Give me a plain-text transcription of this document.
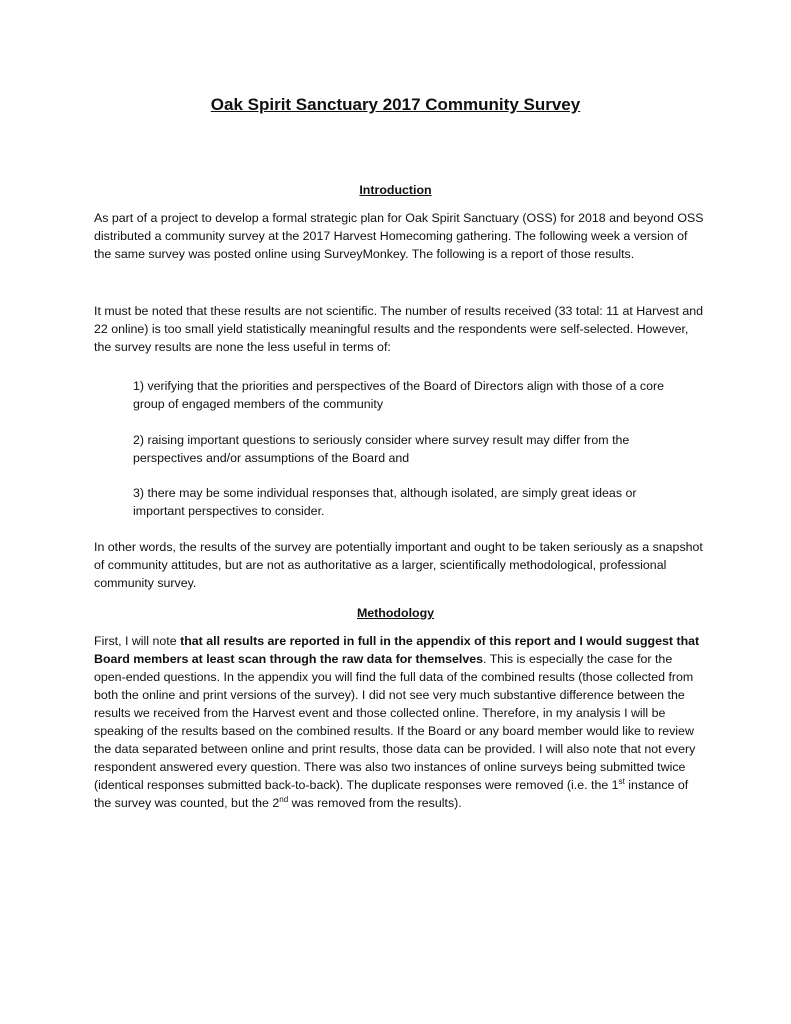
Oak Spirit Sanctuary 2017 Community Survey
Introduction

As part of a project to develop a formal strategic plan for Oak Spirit Sanctuary (OSS) for 2018 and beyond OSS distributed a community survey at the 2017 Harvest Homecoming gathering. The following week a version of the same survey was posted online using SurveyMonkey. The following is a report of those results.

It must be noted that these results are not scientific. The number of results received (33 total: 11 at Harvest and 22 online) is too small yield statistically meaningful results and the respondents were self-selected. However, the survey results are none the less useful in terms of:

1) verifying that the priorities and perspectives of the Board of Directors align with those of a core group of engaged members of the community

2) raising important questions to seriously consider where survey result may differ from the perspectives and/or assumptions of the Board and

3) there may be some individual responses that, although isolated, are simply great ideas or important perspectives to consider.

In other words, the results of the survey are potentially important and ought to be taken seriously as a snapshot of community attitudes, but are not as authoritative as a larger, scientifically methodological, professional community survey.

Methodology

First, I will note that all results are reported in full in the appendix of this report and I would suggest that Board members at least scan through the raw data for themselves. This is especially the case for the open-ended questions. In the appendix you will find the full data of the combined results (those collected from both the online and print versions of the survey). I did not see very much substantive difference between the results we received from the Harvest event and those collected online. Therefore, in my analysis I will be speaking of the results based on the combined results. If the Board or any board member would like to review the data separated between online and print results, those data can be provided. I will also note that not every respondent answered every question. There was also two instances of online surveys being submitted twice (identical responses submitted back-to-back). The duplicate responses were removed (i.e. the 1st instance of the survey was counted, but the 2nd was removed from the results).
